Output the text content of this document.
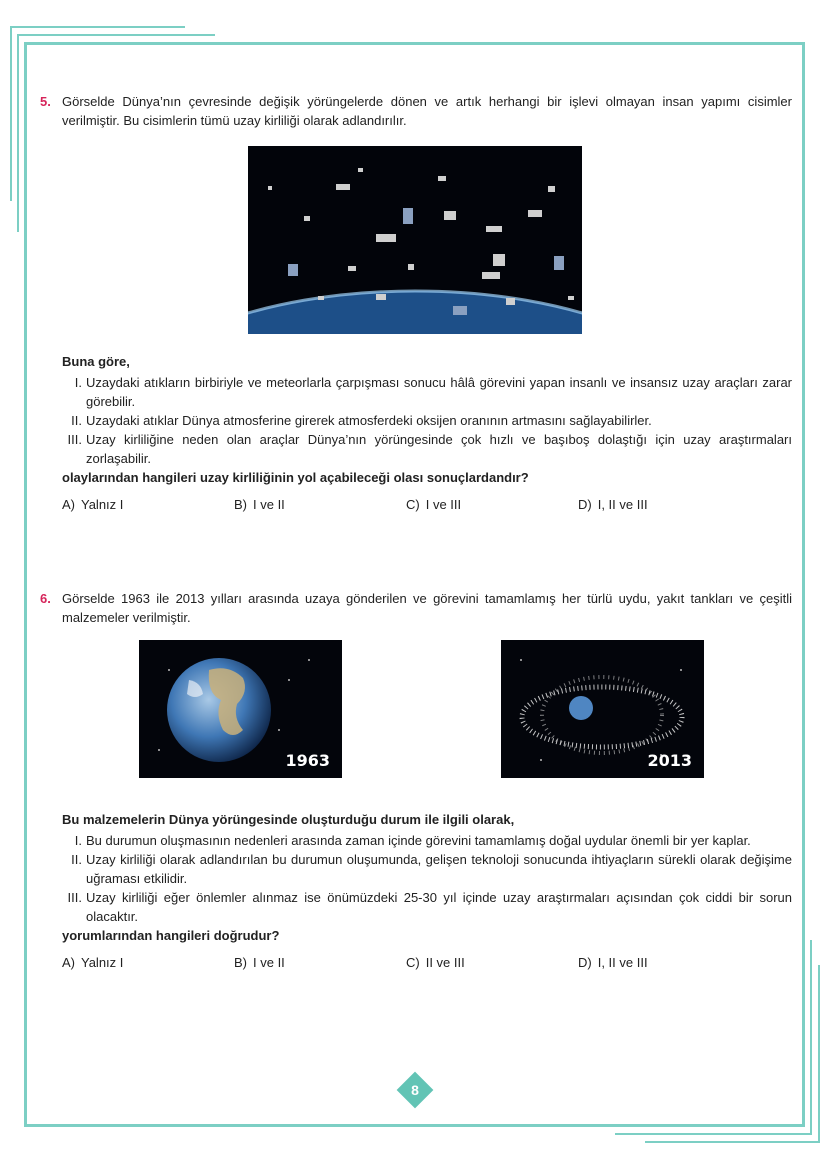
5. Görselde Dünya’nın çevresinde değişik yörüngelerde dönen ve artık herhangi bir işlevi olmayan insan yapımı cisimler verilmiştir. Bu cisimlerin tümü uzay kirliliği olarak adlandırılır.
Buna göre,
I. Uzaydaki atıkların birbiriyle ve meteorlarla çarpışması sonucu hâlâ görevini yapan insanlı ve insansız uzay araçları zarar görebilir.
II. Uzaydaki atıklar Dünya atmosferine girerek atmosferdeki oksijen oranının artmasını sağlayabilirler.
III. Uzay kirliliğine neden olan araçlar Dünya’nın yörüngesinde çok hızlı ve başıboş dolaştığı için uzay araştırmaları zorlaşabilir.
olaylarından hangileri uzay kirliliğinin yol açabileceği olası sonuçlardandır?
A) Yalnız I	B) I ve II	C) I ve III	D) I, II ve III
6. Görselde 1963 ile 2013 yılları arasında uzaya gönderilen ve görevini tamamlamış her türlü uydu, yakıt tankları ve çeşitli malzemeler verilmiştir.
1963	2013
Bu malzemelerin Dünya yörüngesinde oluşturduğu durum ile ilgili olarak,
I. Bu durumun oluşmasının nedenleri arasında zaman içinde görevini tamamlamış doğal uydular önemli bir yer kaplar.
II. Uzay kirliliği olarak adlandırılan bu durumun oluşumunda, gelişen teknoloji sonucunda ihtiyaçların sürekli olarak değişime uğraması etkilidir.
III. Uzay kirliliği eğer önlemler alınmaz ise önümüzdeki 25-30 yıl içinde uzay araştırmaları açısından çok ciddi bir sorun olacaktır.
yorumlarından hangileri doğrudur?
A) Yalnız I	B) I ve II	C) II ve III	D) I, II ve III
8
